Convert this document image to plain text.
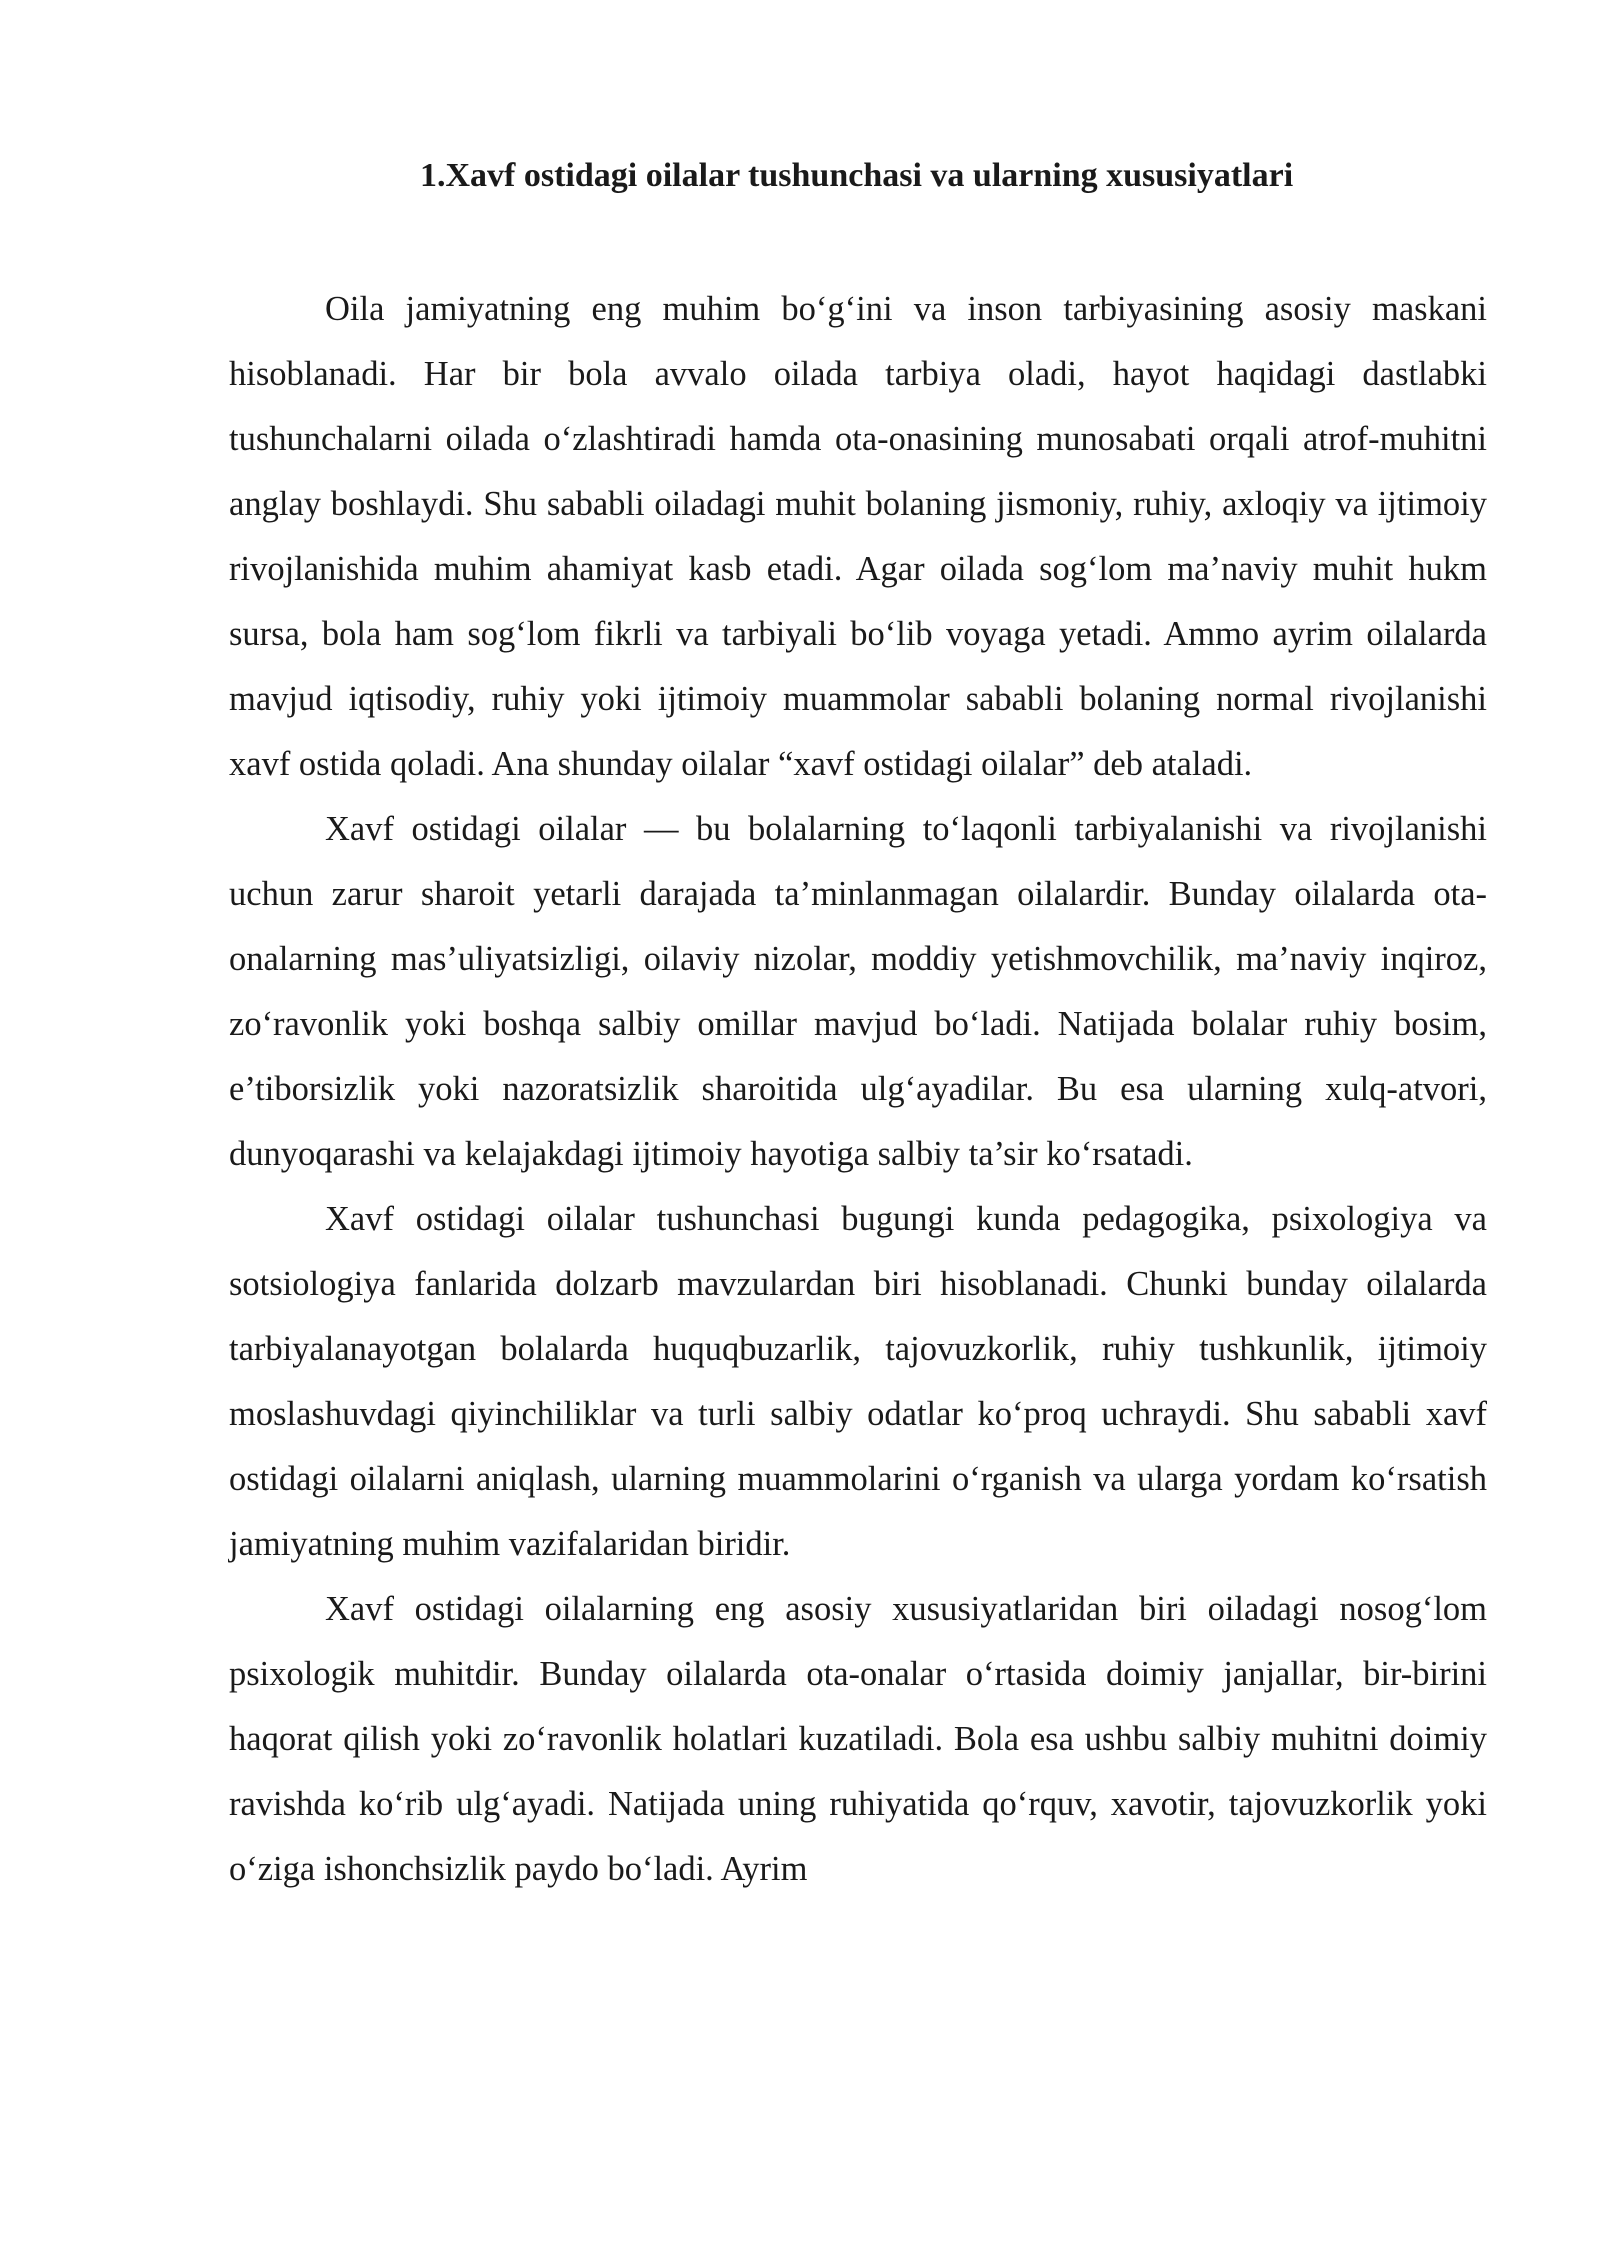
1.Xavf ostidagi oilalar tushunchasi va ularning xususiyatlari

Oila jamiyatning eng muhim bo‘g‘ini va inson tarbiyasining asosiy maskani hisoblanadi. Har bir bola avvalo oilada tarbiya oladi, hayot haqidagi dastlabki tushunchalarni oilada o‘zlashtiradi hamda ota-onasining munosabati orqali atrof-muhitni anglay boshlaydi. Shu sababli oiladagi muhit bolaning jismoniy, ruhiy, axloqiy va ijtimoiy rivojlanishida muhim ahamiyat kasb etadi. Agar oilada sog‘lom ma’naviy muhit hukm sursa, bola ham sog‘lom fikrli va tarbiyali bo‘lib voyaga yetadi. Ammo ayrim oilalarda mavjud iqtisodiy, ruhiy yoki ijtimoiy muammolar sababli bolaning normal rivojlanishi xavf ostida qoladi. Ana shunday oilalar “xavf ostidagi oilalar” deb ataladi.

Xavf ostidagi oilalar — bu bolalarning to‘laqonli tarbiyalanishi va rivojlanishi uchun zarur sharoit yetarli darajada ta’minlanmagan oilalardir. Bunday oilalarda ota-onalarning mas’uliyatsizligi, oilaviy nizolar, moddiy yetishmovchilik, ma’naviy inqiroz, zo‘ravonlik yoki boshqa salbiy omillar mavjud bo‘ladi. Natijada bolalar ruhiy bosim, e’tiborsizlik yoki nazoratsizlik sharoitida ulg‘ayadilar. Bu esa ularning xulq-atvori, dunyoqarashi va kelajakdagi ijtimoiy hayotiga salbiy ta’sir ko‘rsatadi.

Xavf ostidagi oilalar tushunchasi bugungi kunda pedagogika, psixologiya va sotsiologiya fanlarida dolzarb mavzulardan biri hisoblanadi. Chunki bunday oilalarda tarbiyalanayotgan bolalarda huquqbuzarlik, tajovuzkorlik, ruhiy tushkunlik, ijtimoiy moslashuvdagi qiyinchiliklar va turli salbiy odatlar ko‘proq uchraydi. Shu sababli xavf ostidagi oilalarni aniqlash, ularning muammolarini o‘rganish va ularga yordam ko‘rsatish jamiyatning muhim vazifalaridan biridir.

Xavf ostidagi oilalarning eng asosiy xususiyatlaridan biri oiladagi nosog‘lom psixologik muhitdir. Bunday oilalarda ota-onalar o‘rtasida doimiy janjallar, bir-birini haqorat qilish yoki zo‘ravonlik holatlari kuzatiladi. Bola esa ushbu salbiy muhitni doimiy ravishda ko‘rib ulg‘ayadi. Natijada uning ruhiyatida qo‘rquv, xavotir, tajovuzkorlik yoki o‘ziga ishonchsizlik paydo bo‘ladi. Ayrim
